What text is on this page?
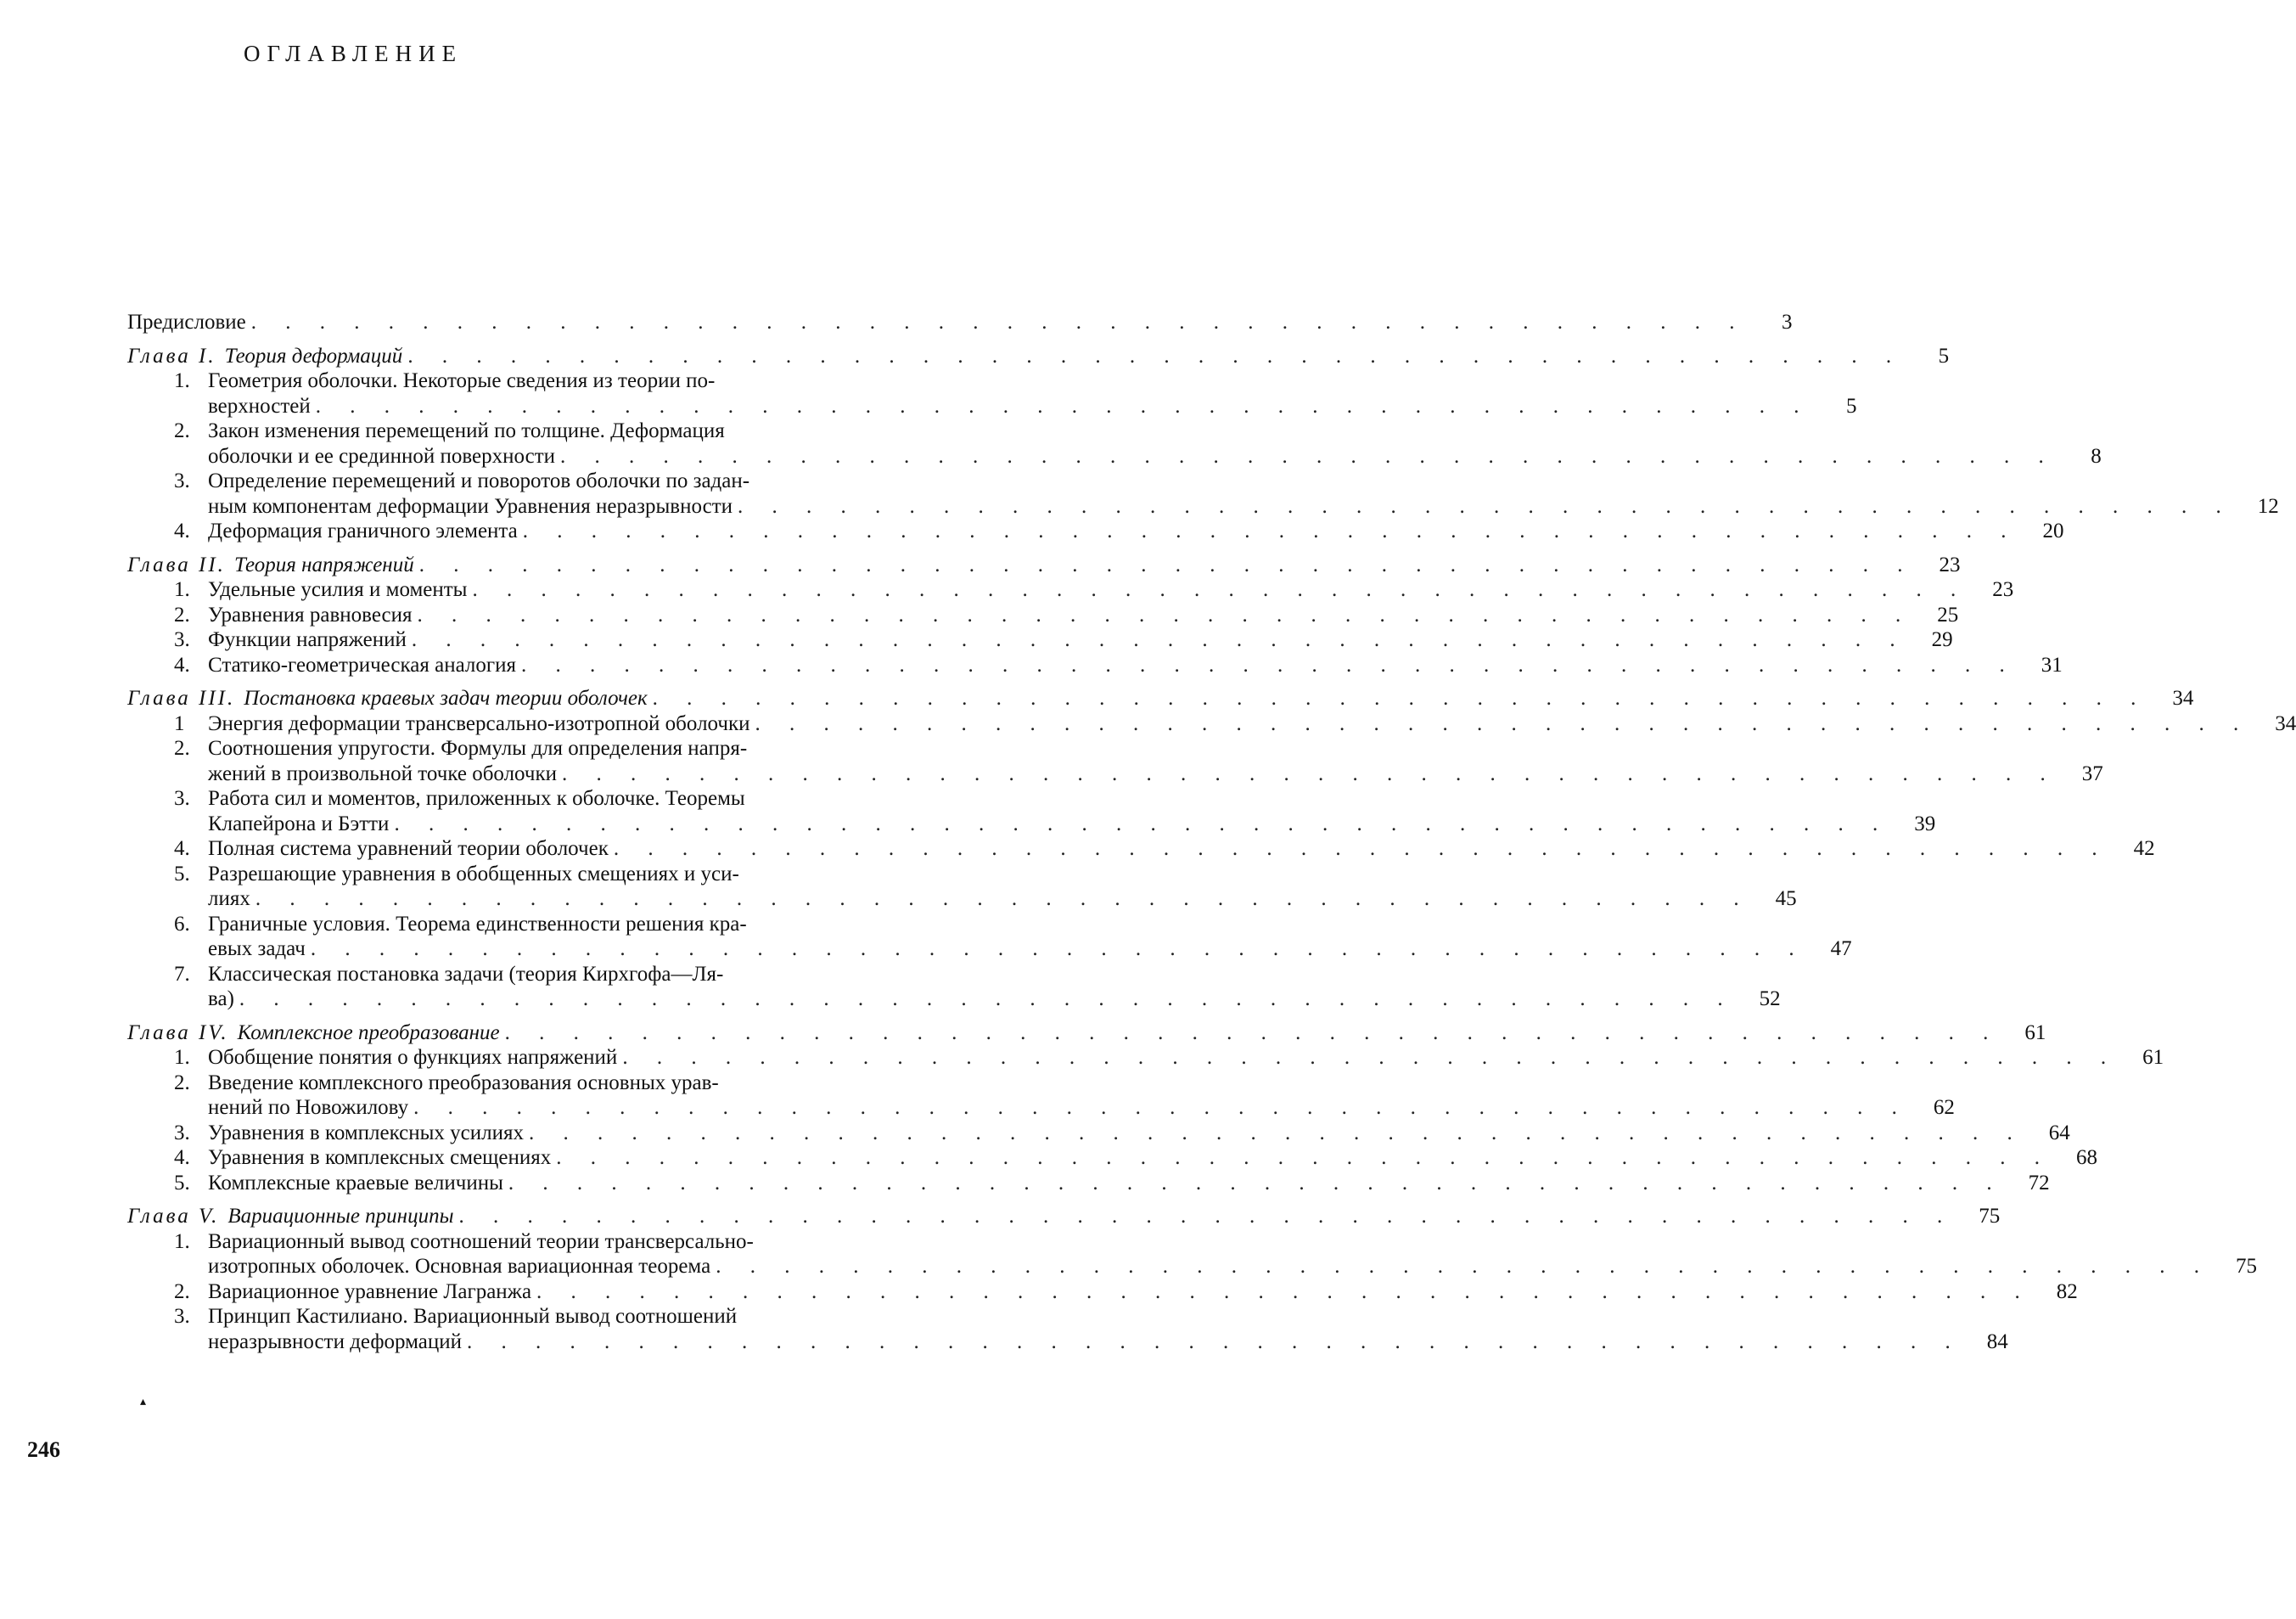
ОГЛАВЛЕНИЕ
Предисловие . . . . . . . . . . . . . . . . . . . . . . . . . . . . . . . . . . . . . . . . . . . .	3
Глава I. Теория деформаций . . . . . . . . . . . . . . . . . . . . . . . . . . . . . . . . . . . . . . . . . . . .	5
1. Геометрия оболочки. Некоторые сведения из теории по-
верхностей . . . . . . . . . . . . . . . . . . . . . . . . . . . . . . . . . . . . . . . . . . . .	5
2. Закон изменения перемещений по толщине. Деформация
оболочки и ее срединной поверхности . . . . . . . . . . . . . . . . . . . . . . . . . . . . . . . . . . . . . . . . . . . .	8
3. Определение перемещений и поворотов оболочки по задан-
ным компонентам деформации Уравнения неразрывности . . . . . . . . . . . . . . . . . . . . . . . . . . . . . . . . . . . . . . . . . . . .	12
4. Деформация граничного элемента . . . . . . . . . . . . . . . . . . . . . . . . . . . . . . . . . . . . . . . . . . . .	20
Глава II. Теория напряжений . . . . . . . . . . . . . . . . . . . . . . . . . . . . . . . . . . . . . . . . . . . .	23
1. Удельные усилия и моменты . . . . . . . . . . . . . . . . . . . . . . . . . . . . . . . . . . . . . . . . . . . .	23
2. Уравнения равновесия . . . . . . . . . . . . . . . . . . . . . . . . . . . . . . . . . . . . . . . . . . . .	25
3. Функции напряжений . . . . . . . . . . . . . . . . . . . . . . . . . . . . . . . . . . . . . . . . . . . .	29
4. Статико-геометрическая аналогия . . . . . . . . . . . . . . . . . . . . . . . . . . . . . . . . . . . . . . . . . . . .	31
Глава III. Постановка краевых задач теории оболочек . . . . . . . . . . . . . . . . . . . . . . . . . . . . . . . . . . . . . . . . . . . .	34
1 Энергия деформации трансверсально-изотропной оболочки . . . . . . . . . . . . . . . . . . . . . . . . . . . . . . . . . . . . . . . . . . . .	34
2. Соотношения упругости. Формулы для определения напря-
жений в произвольной точке оболочки . . . . . . . . . . . . . . . . . . . . . . . . . . . . . . . . . . . . . . . . . . . .	37
3. Работа сил и моментов, приложенных к оболочке. Теоремы
Клапейрона и Бэтти . . . . . . . . . . . . . . . . . . . . . . . . . . . . . . . . . . . . . . . . . . . .	39
4. Полная система уравнений теории оболочек . . . . . . . . . . . . . . . . . . . . . . . . . . . . . . . . . . . . . . . . . . . .	42
5. Разрешающие уравнения в обобщенных смещениях и уси-
лиях . . . . . . . . . . . . . . . . . . . . . . . . . . . . . . . . . . . . . . . . . . . .	45
6. Граничные условия. Теорема единственности решения кра-
евых задач . . . . . . . . . . . . . . . . . . . . . . . . . . . . . . . . . . . . . . . . . . . .	47
7. Классическая постановка задачи (теория Кирхгофа—Ля-
ва) . . . . . . . . . . . . . . . . . . . . . . . . . . . . . . . . . . . . . . . . . . . .	52
Глава IV. Комплексное преобразование . . . . . . . . . . . . . . . . . . . . . . . . . . . . . . . . . . . . . . . . . . . .	61
1. Обобщение понятия о функциях напряжений . . . . . . . . . . . . . . . . . . . . . . . . . . . . . . . . . . . . . . . . . . . .	61
2. Введение комплексного преобразования основных урав-
нений по Новожилову . . . . . . . . . . . . . . . . . . . . . . . . . . . . . . . . . . . . . . . . . . . .	62
3. Уравнения в комплексных усилиях . . . . . . . . . . . . . . . . . . . . . . . . . . . . . . . . . . . . . . . . . . . .	64
4. Уравнения в комплексных смещениях . . . . . . . . . . . . . . . . . . . . . . . . . . . . . . . . . . . . . . . . . . . .	68
5. Комплексные краевые величины . . . . . . . . . . . . . . . . . . . . . . . . . . . . . . . . . . . . . . . . . . . .	72
Глава V. Вариационные принципы . . . . . . . . . . . . . . . . . . . . . . . . . . . . . . . . . . . . . . . . . . . .	75
1. Вариационный вывод соотношений теории трансверсально-
изотропных оболочек. Основная вариационная теорема . . . . . . . . . . . . . . . . . . . . . . . . . . . . . . . . . . . . . . . . . . . .	75
2. Вариационное уравнение Лагранжа . . . . . . . . . . . . . . . . . . . . . . . . . . . . . . . . . . . . . . . . . . . .	82
3. Принцип Кастилиано. Вариационный вывод соотношений
неразрывности деформаций . . . . . . . . . . . . . . . . . . . . . . . . . . . . . . . . . . . . . . . . . . . .	84
▴
246
